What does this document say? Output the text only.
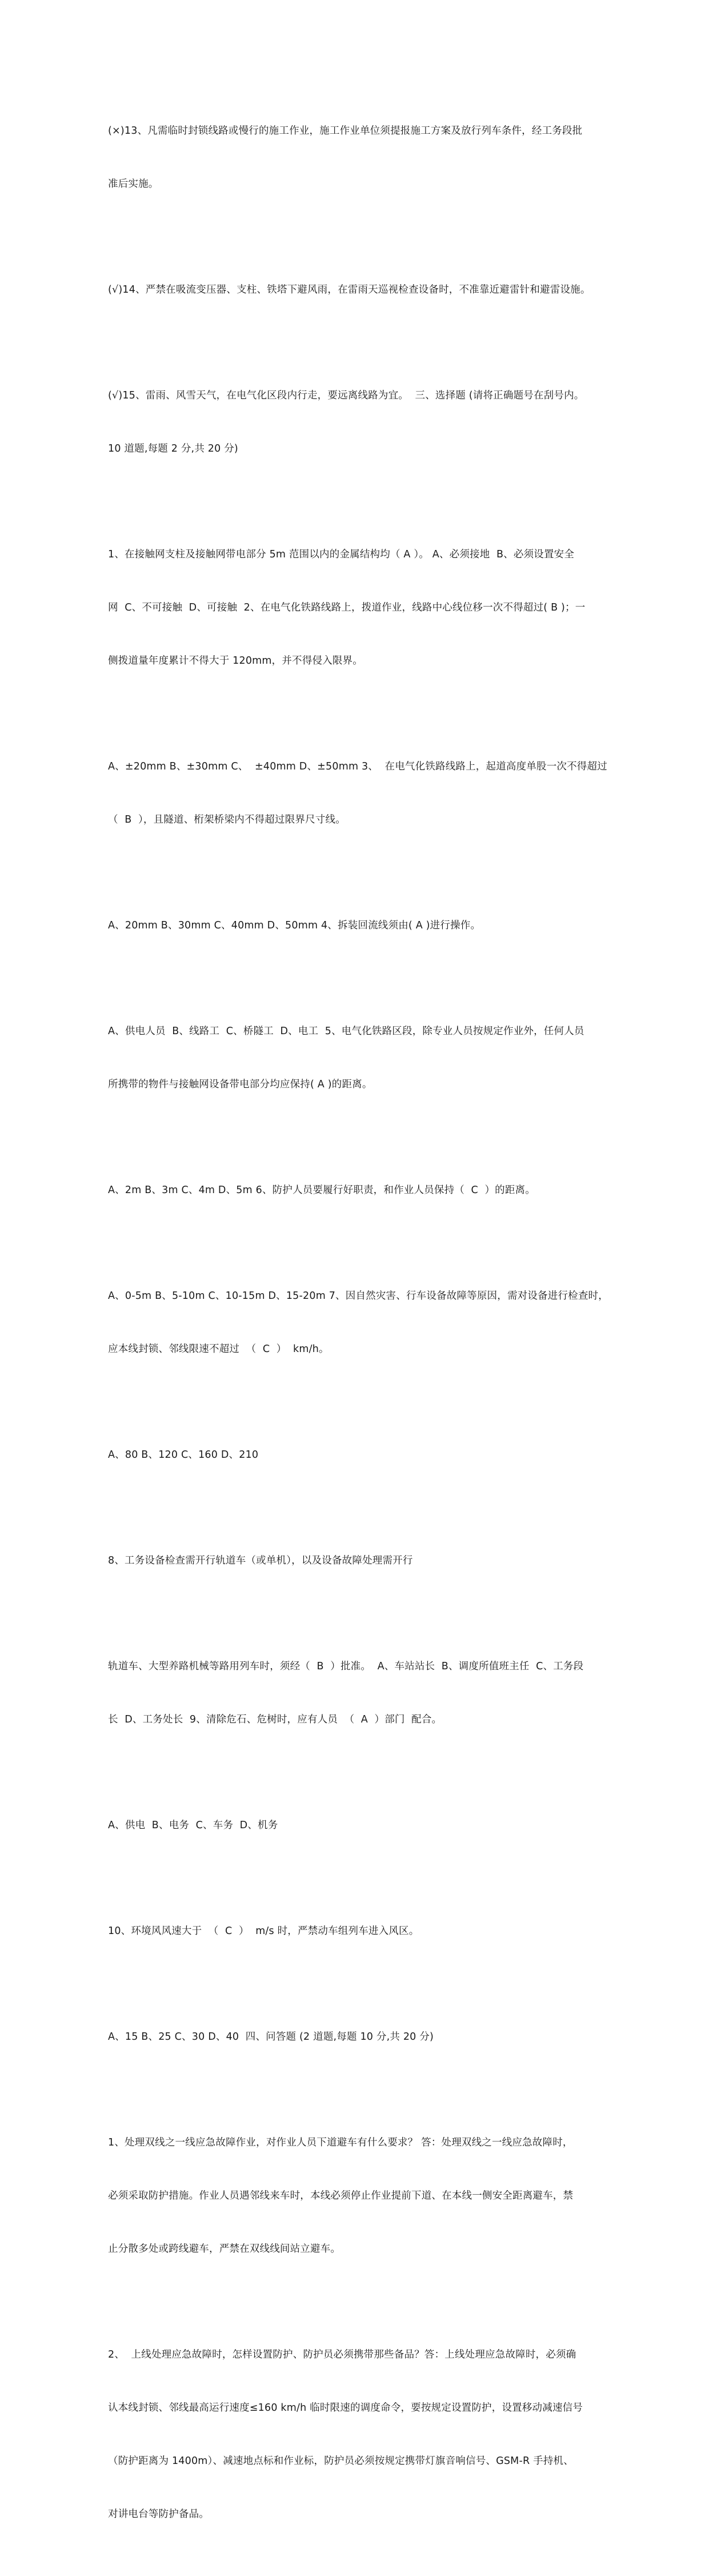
(×)13、凡需临时封锁线路或慢行的施工作业，施工作业单位须提报施工方案及放行列车条件，经工务段批

准后实施。

(√)14、严禁在吸流变压器、支柱、铁塔下避风雨，在雷雨天巡视检查设备时，不准靠近避雷针和避雷设施。

(√)15、雷雨、风雪天气，在电气化区段内行走，要远离线路为宜。  三、选择题 (请将正确题号在刮号内。

10 道题,每题 2 分,共 20 分)

1、在接触网支柱及接触网带电部分 5m 范围以内的金属结构均（ A ）。 A、必须接地  B、必须设置安全

网  C、不可接触  D、可接触  2、在电气化铁路线路上，拨道作业，线路中心线位移一次不得超过( B )；一

侧拨道量年度累计不得大于 120mm，并不得侵入限界。

A、±20mm B、±30mm C、  ±40mm D、±50mm 3、  在电气化铁路线路上，起道高度单股一次不得超过

（  B  ），且隧道、桁架桥梁内不得超过限界尺寸线。

A、20mm B、30mm C、40mm D、50mm 4、拆装回流线须由( A )进行操作。

A、供电人员  B、线路工  C、桥隧工  D、电工  5、电气化铁路区段，除专业人员按规定作业外，任何人员

所携带的物件与接触网设备带电部分均应保持( A )的距离。

A、2m B、3m C、4m D、5m 6、防护人员要履行好职责，和作业人员保持（  C  ）的距离。

A、0-5m B、5-10m C、10-15m D、15-20m 7、因自然灾害、行车设备故障等原因，需对设备进行检查时，

应本线封锁、邻线限速不超过  （  C  ）  km/h。

A、80 B、120 C、160 D、210

8、工务设备检查需开行轨道车（或单机），以及设备故障处理需开行

轨道车、大型养路机械等路用列车时，须经（  B  ）批准。  A、车站站长  B、调度所值班主任  C、工务段

长  D、工务处长  9、清除危石、危树时，应有人员  （  A  ）部门  配合。

A、供电  B、电务  C、车务  D、机务

10、环境风风速大于  （  C  ）  m/s 时，严禁动车组列车进入风区。

A、15 B、25 C、30 D、40  四、问答题 (2 道题,每题 10 分,共 20 分)

1、处理双线之一线应急故障作业，对作业人员下道避车有什么要求？ 答：处理双线之一线应急故障时，

必须采取防护措施。作业人员遇邻线来车时，本线必须停止作业提前下道、在本线一侧安全距离避车，禁

止分散多处或跨线避车，严禁在双线线间站立避车。

2、  上线处理应急故障时，怎样设置防护、防护员必须携带那些备品？答：上线处理应急故障时，必须确

认本线封锁、邻线最高运行速度≤160 km/h 临时限速的调度命令，要按规定设置防护，设置移动减速信号

（防护距离为 1400m）、减速地点标和作业标，防护员必须按规定携带灯旗音响信号、GSM-R 手持机、

对讲电台等防护备品。
